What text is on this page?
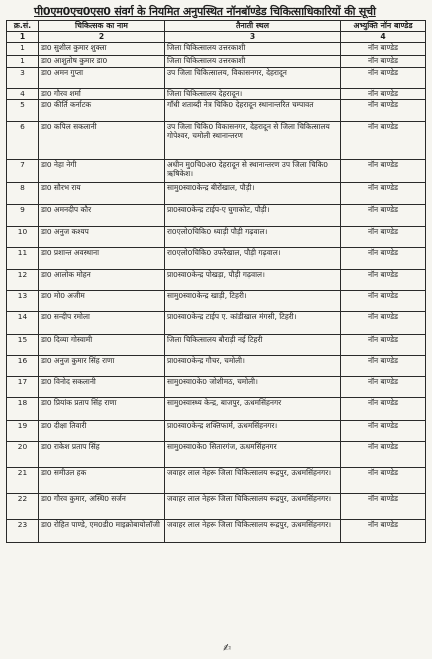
पी0एम0एच0एस0 संवर्ग के नियमित अनुपस्थित नॉनबॉण्डेड चिकित्साधिकारियों की सूची
क्र.सं.	चिकित्सक का नाम	तैनाती स्थल	अभ्युक्ति नॉन बाण्डेड
1	2	3	4
1	डा0 सुशील कुमार शुक्ला	जिला चिकित्सालय उत्तरकाशी	नॉन बाण्डेड
1	डा0 आशुतोष कुमार डा0	जिला चिकित्सालय उत्तरकाशी	नॉन बाण्डेड
3	डा0 अमन गुप्ता	उप जिला चिकित्सालय, विकासनगर, देहरादून	नॉन बाण्डेड
4	डा0 गौरव शर्मा	जिला चिकित्सालय देहरादून।	नॉन बाण्डेड
5	डा0 कीर्ति कर्नाटक	गाँधी शताब्दी नेत्र चिकि0 देहरादून स्थानान्तरित चम्पावत	नॉन बाण्डेड
6	डा0 कपिल सकलानी	उप जिला चिकि0 विकासनगर, देहरादून से जिला चिकित्सालय गोपेश्वर, चमोली स्थानान्तरण	नॉन बाण्डेड
7	डा0 नेहा नेगी	अधीन मु0चि0अ0 देहरादून से स्थानान्तरण उप जिला चिकि0 ऋषिकेश।	नॉन बाण्डेड
8	डा0 सौरभ राय	सामु0स्वा0केन्द्र बीरोंखाल, पौड़ी।	नॉन बाण्डेड
9	डा0 अमनदीप कौर	प्रा0स्वा0केन्द्र टाईप-ए घुगाकोट, पौड़ी।	नॉन बाण्डेड
10	डा0 अनुज कश्यप	रा0एलो0चिकि0 ध्याड़ी पौड़ी गढ़वाल।	नॉन बाण्डेड
11	डा0 प्रशान्त अवस्थाना	रा0एलो0चिकि0 उफरैखाल, पौड़ी गढ़वाल।	नॉन बाण्डेड
12	डा0 आलोक मोहन	प्रा0स्वा0केन्द्र पोखड़ा, पौड़ी गढ़वाल।	नॉन बाण्डेड
13	डा0 मो0 अजीम	सामु0स्वा0केन्द्र खाड़ी, टिहरी।	नॉन बाण्डेड
14	डा0 सन्दीप रमोला	प्रा0स्वा0केन्द्र टाईप ए. कांडीखाल मंगसी, टिहरी।	नॉन बाण्डेड
15	डा0 दिव्या गोस्वामी	जिला चिकित्सालय बौराड़ी नई टिहरी	नॉन बाण्डेड
16	डा0 अनुज कुमार सिंह राणा	प्रा0स्वा0केन्द्र गौचर, चमोली।	नॉन बाण्डेड
17	डा0 विनोद सकलानी	सामु0स्वा0के0 जोशीमठ, चमोली।	नॉन बाण्डेड
18	डा0 प्रियांक प्रताप सिंह राणा	सामु0स्वास्थ्य केन्द्र, बाजपुर, ऊधमसिंहनगर	नॉन बाण्डेड
19	डा0 दीक्षा तिवारी	प्रा0स्वा0केन्द्र शक्तिफार्म, ऊधमसिंहनगर।	नॉन बाण्डेड
20	डा0 राकेश प्रताप सिंह	सामु0स्वा0के0 सितारगंज, ऊधमसिंहनगर	नॉन बाण्डेड
21	डा0 समीउल हक	जवाहर लाल नेहरू जिला चिकित्सालय रूद्रपुर, ऊधमसिंहनगर।	नॉन बाण्डेड
22	डा0 गौरव कुमार, अस्थि0 सर्जन	जवाहर लाल नेहरू जिला चिकित्सालय रूद्रपुर, ऊधमसिंहनगर।	नॉन बाण्डेड
23	डा0 रोहित पाण्डे, एम0डी0 माइक्रोबायोलॉजी	जवाहर लाल नेहरू जिला चिकित्सालय रूद्रपुर, ऊधमसिंहनगर।	नॉन बाण्डेड
✍
